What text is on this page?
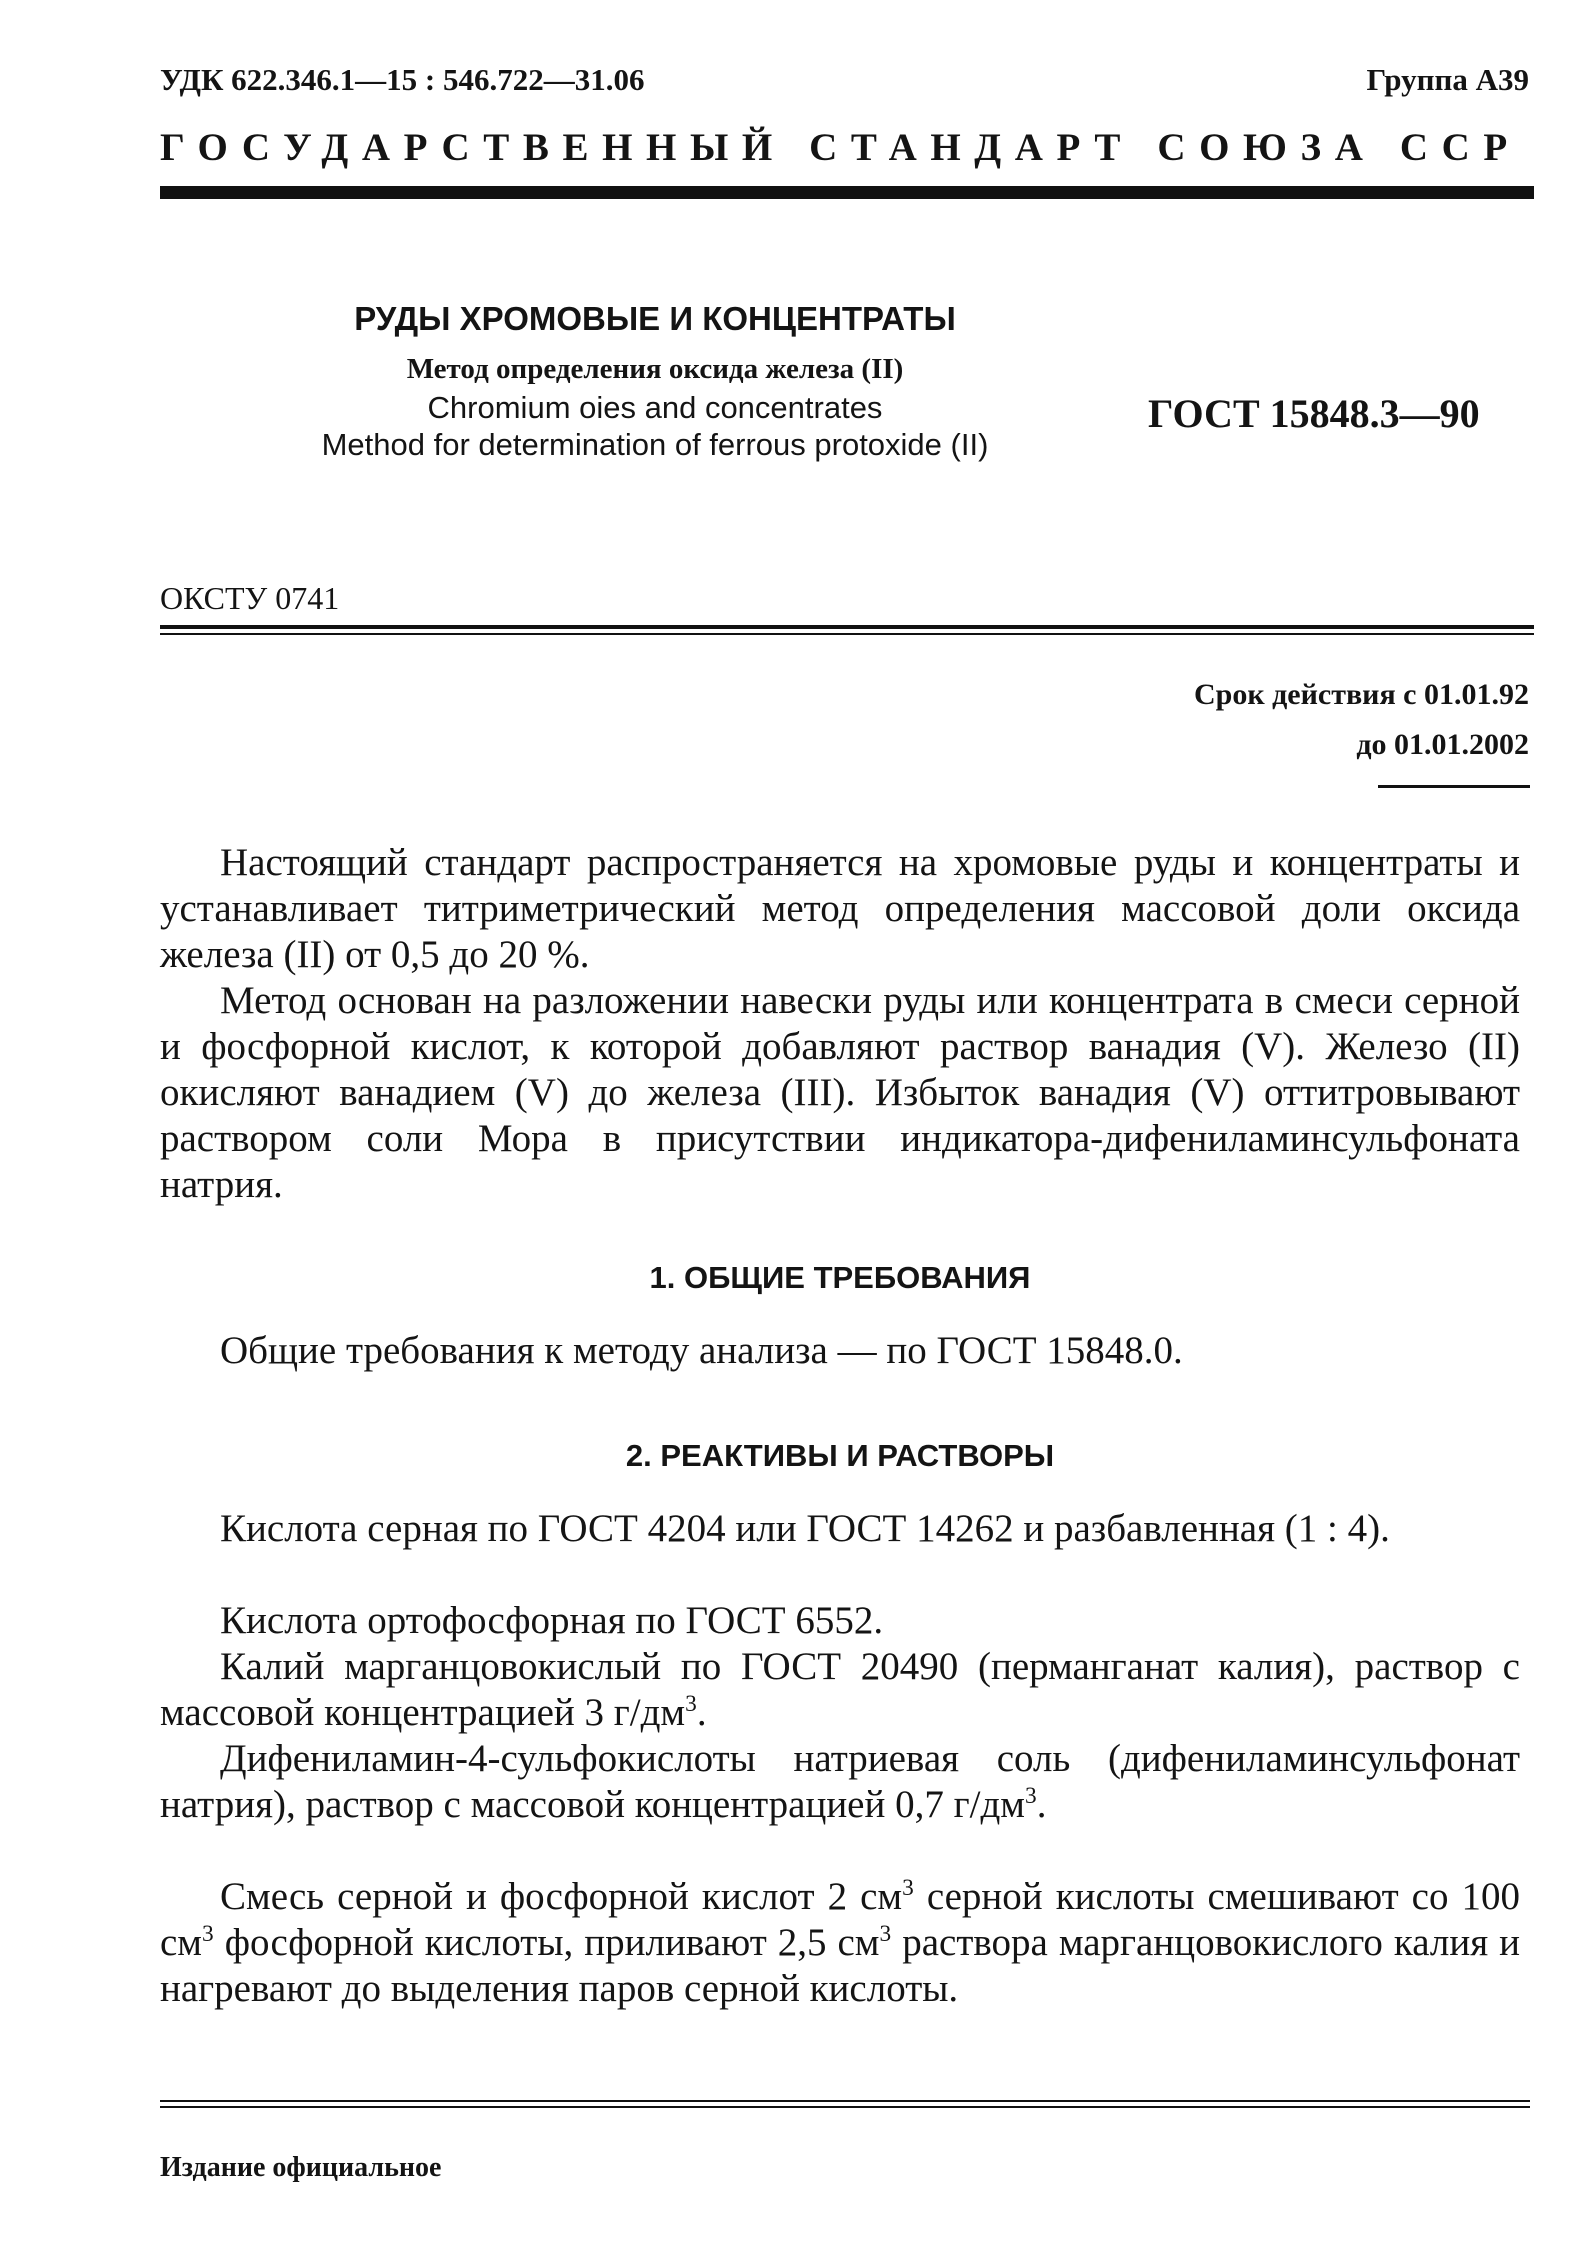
УДК 622.346.1—15 : 546.722—31.06	Группа А39
ГОСУДАРСТВЕННЫЙ СТАНДАРТ СОЮЗА ССР
РУДЫ ХРОМОВЫЕ И КОНЦЕНТРАТЫ
Метод определения оксида железа (II)
Chromium oies and concentrates
Method for determination of ferrous protoxide (II)
ГОСТ 15848.3—90
ОКСТУ 0741
Срок действия с 01.01.92
до 01.01.2002
Настоящий стандарт распространяется на хромовые руды и концентраты и устанавливает титриметрический метод определения массовой доли оксида железа (II) от 0,5 до 20 %.
Метод основан на разложении навески руды или концентрата в смеси серной и фосфорной кислот, к которой добавляют раствор ванадия (V). Железо (II) окисляют ванадием (V) до железа (III). Избыток ванадия (V) оттитровывают раствором соли Мора в присутствии индикатора-дифениламинсульфоната натрия.
1. ОБЩИЕ ТРЕБОВАНИЯ
Общие требования к методу анализа — по ГОСТ 15848.0.
2. РЕАКТИВЫ И РАСТВОРЫ
Кислота серная по ГОСТ 4204 или ГОСТ 14262 и разбавленная (1 : 4).
Кислота ортофосфорная по ГОСТ 6552.
Калий марганцовокислый по ГОСТ 20490 (перманганат калия), раствор с массовой концентрацией 3 $г/дм^3$.
Дифениламин-4-сульфокислоты натриевая соль (дифениламинсульфонат натрия), раствор с массовой концентрацией 0,7 $г/дм^3$.
Смесь серной и фосфорной кислот 2 $см^3$ серной кислоты смешивают со 100 $см^3$ фосфорной кислоты, приливают 2,5 $см^3$ раствора марганцовокислого калия и нагревают до выделения паров серной кислоты.
Издание официальное
